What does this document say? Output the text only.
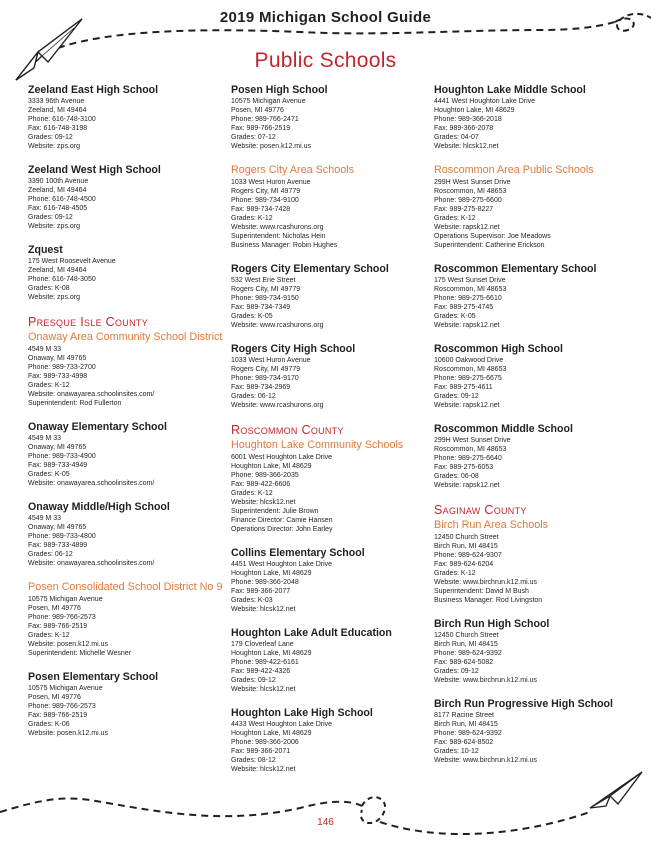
2019 Michigan School Guide
Public Schools
Zeeland East High School
3333 96th Avenue
Zeeland, MI 49464
Phone: 616-748-3100
Fax: 616-748-3198
Grades: 09-12
Website: zps.org
Zeeland West High School
3390 100th Avenue
Zeeland, MI 49464
Phone: 616-748-4500
Fax: 616-748-4505
Grades: 09-12
Website: zps.org
Zquest
175 West Roosevelt Avenue
Zeeland, MI 49464
Phone: 616-748-3050
Grades: K-08
Website: zps.org
Presque Isle County
Onaway Area Community School District
4549 M 33
Onaway, MI 49765
Phone: 989-733-2700
Fax: 989-733-4998
Grades: K-12
Website: onawayarea.schoolinsites.com/
Superintendent: Rod Fullerton
Onaway Elementary School
4549 M 33
Onaway, MI 49765
Phone: 989-733-4900
Fax: 989-733-4949
Grades: K-05
Website: onawayarea.schoolinsites.com/
Onaway Middle/High School
4549 M 33
Onaway, MI 49765
Phone: 989-733-4800
Fax: 989-733-4899
Grades: 06-12
Website: onawayarea.schoolinsites.com/
Posen Consolidated School District No 9
10575 Michigan Avenue
Posen, MI 49776
Phone: 989-766-2573
Fax: 989-766-2519
Grades: K-12
Website: posen.k12.mi.us
Superintendent: Michelle Wesner
Posen Elementary School
10575 Michigan Avenue
Posen, MI 49776
Phone: 989-766-2573
Fax: 989-766-2519
Grades: K-06
Website: posen.k12.mi.us
Posen High School
10575 Michigan Avenue
Posen, MI 49776
Phone: 989-766-2471
Fax: 989-766-2519
Grades: 07-12
Website: posen.k12.mi.us
Rogers City Area Schools
1033 West Huron Avenue
Rogers City, MI 49779
Phone: 989-734-9100
Fax: 989-734-7428
Grades: K-12
Website: www.rcashurons.org
Superintendent: Nicholas Hein
Business Manager: Robin Hughes
Rogers City Elementary School
532 West Erie Street
Rogers City, MI 49779
Phone: 989-734-9150
Fax: 989-734-7349
Grades: K-05
Website: www.rcashurons.org
Rogers City High School
1033 West Huron Avenue
Rogers City, MI 49779
Phone: 989-734-9170
Fax: 989-734-2969
Grades: 06-12
Website: www.rcashurons.org
Roscommon County
Houghton Lake Community Schools
6001 West Houghton Lake Drive
Houghton Lake, MI 48629
Phone: 989-366-2035
Fax: 989-422-6606
Grades: K-12
Website: hlcsk12.net
Superintendent: Julie Brown
Finance Director: Camie Hansen
Operations Director: John Earley
Collins Elementary School
4451 West Houghton Lake Drive
Houghton Lake, MI 48629
Phone: 989-366-2048
Fax: 989-366-2077
Grades: K-03
Website: hlcsk12.net
Houghton Lake Adult Education
179 Cloverleaf Lane
Houghton Lake, MI 48629
Phone: 989-422-6161
Fax: 989-422-4326
Grades: 09-12
Website: hlcsk12.net
Houghton Lake High School
4433 West Houghton Lake Drive
Houghton Lake, MI 48629
Phone: 989-366-2006
Fax: 989-366-2071
Grades: 08-12
Website: hlcsk12.net
Houghton Lake Middle School
4441 West Houghton Lake Drive
Houghton Lake, MI 48629
Phone: 989-366-2018
Fax: 989-366-2078
Grades: 04-07
Website: hlcsk12.net
Roscommon Area Public Schools
299H West Sunset Drive
Roscommon, MI 48653
Phone: 989-275-6600
Fax: 989-275-8227
Grades: K-12
Website: rapsk12.net
Operations Supervisor: Joe Meadows
Superintendent: Catherine Erickson
Roscommon Elementary School
175 West Sunset Drive
Roscommon, MI 48653
Phone: 989-275-6610
Fax: 989-275-4745
Grades: K-05
Website: rapsk12.net
Roscommon High School
10600 Oakwood Drive
Roscommon, MI 48653
Phone: 989-275-6675
Fax: 989-275-4611
Grades: 09-12
Website: rapsk12.net
Roscommon Middle School
299H West Sunset Drive
Roscommon, MI 48653
Phone: 989-275-6640
Fax: 989-275-6053
Grades: 06-08
Website: rapsk12.net
Saginaw County
Birch Run Area Schools
12450 Church Street
Birch Run, MI 48415
Phone: 989-624-9307
Fax: 989-624-6204
Grades: K-12
Website: www.birchrun.k12.mi.us
Superintendent: David M Bush
Business Manager: Rod Livingston
Birch Run High School
12450 Church Street
Birch Run, MI 48415
Phone: 989-624-9392
Fax: 989-624-5082
Grades: 09-12
Website: www.birchrun.k12.mi.us
Birch Run Progressive High School
8177 Racine Street
Birch Run, MI 48415
Phone: 989-624-9392
Fax: 989-624-8502
Grades: 10-12
Website: www.birchrun.k12.mi.us
146
